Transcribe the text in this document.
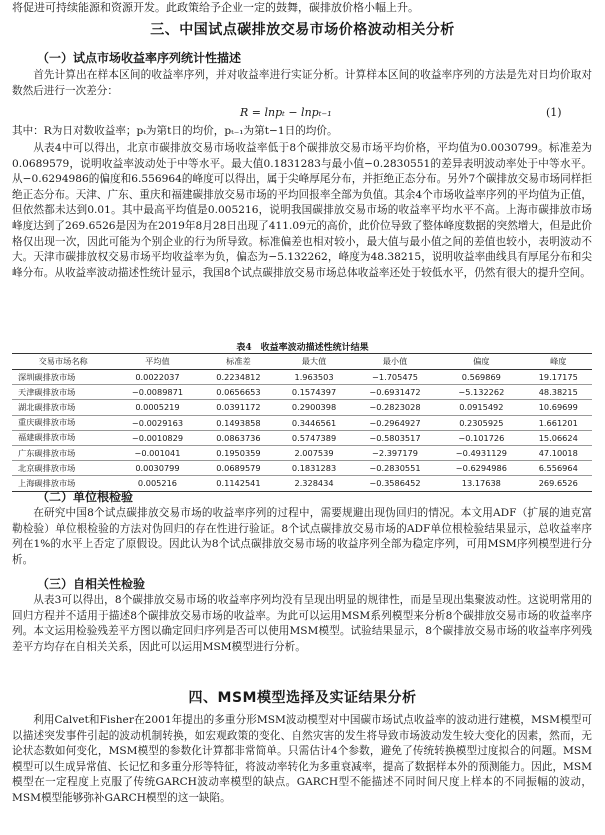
将促进可持续能源和资源开发。此政策给予企业一定的鼓舞，碳排放价格小幅上升。
三、中国试点碳排放交易市场价格波动相关分析
（一）试点市场收益率序列统计性描述

首先计算出在样本区间的收益率序列，并对收益率进行实证分析。计算样本区间的收益率序列的方法是先对日均价取对数然后进行一次差分：

R = lnpₜ − lnpₜ₋₁	(1)

其中：R为日对数收益率；pₜ为第t日的均价，pₜ₋₁为第t−1日的均价。

从表4中可以得出，北京市碳排放交易市场收益率低于8个碳排放交易市场平均价格，平均值为0.0030799。标准差为0.0689579，说明收益率波动处于中等水平。最大值0.1831283与最小值−0.2830551的差异表明波动率处于中等水平。从−0.6294986的偏度和6.556964的峰度可以得出，属于尖峰厚尾分布，并拒绝正态分布。另外7个碳排放交易市场同样拒绝正态分布。天津、广东、重庆和福建碳排放交易市场的平均回报率全部为负值。其余4个市场收益率序列的平均值为正值，但依然都未达到0.01。其中最高平均值是0.005216，说明我国碳排放交易市场的收益率平均水平不高。上海市碳排放市场峰度达到了269.6526是因为在2019年8月28日出现了411.09元的高价，此价位导致了整体峰度数据的突然增大，但是此价格仅出现一次，因此可能为个别企业的行为所导致。标准偏差也相对较小，最大值与最小值之间的差值也较小，表明波动不大。天津市碳排放权交易市场平均收益率为负，偏态为−5.132262，峰度为48.38215，说明收益率曲线具有厚尾分布和尖峰分布。从收益率波动描述性统计显示，我国8个试点碳排放交易市场总体收益率还处于较低水平，仍然有很大的提升空间。

表4　收益率波动描述性统计结果
交易市场名称	平均值	标准差	最大值	最小值	偏度	峰度
深圳碳排放市场	0.0022037	0.2234812	1.963503	−1.705475	0.569869	19.17175
天津碳排放市场	−0.0089871	0.0656653	0.1574397	−0.6931472	−5.132262	48.38215
湖北碳排放市场	0.0005219	0.0391172	0.2900398	−0.2823028	0.0915492	10.69699
重庆碳排放市场	−0.0029163	0.1493858	0.3446561	−0.2964927	0.2305925	1.661201
福建碳排放市场	−0.0010829	0.0863736	0.5747389	−0.5803517	−0.101726	15.06624
广东碳排放市场	−0.001041	0.1950359	2.007539	−2.397179	−0.4931129	47.10018
北京碳排放市场	0.0030799	0.0689579	0.1831283	−0.2830551	−0.6294986	6.556964
上海碳排放市场	0.005216	0.1142541	2.328434	−0.3586452	13.17638	269.6526
（二）单位根检验

在研究中国8个试点碳排放交易市场的收益率序列的过程中，需要规避出现伪回归的情况。本文用ADF（扩展的迪克富勒检验）单位根检验的方法对伪回归的存在性进行验证。8个试点碳排放交易市场的ADF单位根检验结果显示，总收益率序列在1%的水平上否定了原假设。因此认为8个试点碳排放交易市场的收益序列全部为稳定序列，可用MSM序列模型进行分析。

（三）自相关性检验

从表3可以得出，8个碳排放交易市场的收益率序列均没有呈现出明显的规律性，而是呈现出集聚波动性。这说明常用的回归方程并不适用于描述8个碳排放交易市场的收益率。为此可以运用MSM系列模型来分析8个碳排放交易市场的收益率序列。本文运用检验残差平方图以确定回归序列是否可以使用MSM模型。试验结果显示，8个碳排放交易市场的收益率序列残差平方均存在自相关关系，因此可以运用MSM模型进行分析。

四、MSM模型选择及实证结果分析

利用Calvet和Fisher在2001年提出的多重分形MSM波动模型对中国碳市场试点收益率的波动进行建模，MSM模型可以描述突发事件引起的波动机制转换，如宏观政策的变化、自然灾害的发生将导致市场波动发生较大变化的因素，然而，无论状态数如何变化，MSM模型的参数化计算都非常简单。只需估计4个参数，避免了传统转换模型过度拟合的问题。MSM模型可以生成异常值、长记忆和多重分形等特征，将波动率转化为多重衰减率，提高了数据样本外的预测能力。因此，MSM模型在一定程度上克服了传统GARCH波动率模型的缺点。GARCH型不能描述不同时间尺度上样本的不同振幅的波动，MSM模型能够弥补GARCH模型的这一缺陷。
